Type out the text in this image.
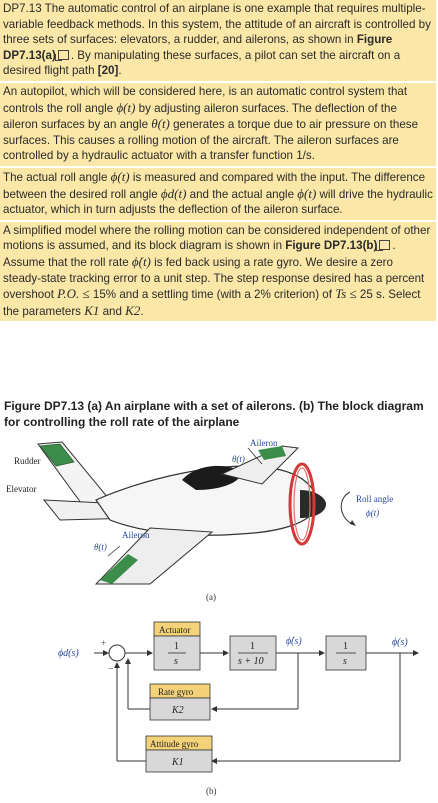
DP7.13 The automatic control of an airplane is one example that requires multiple-variable feedback methods. In this system, the attitude of an aircraft is controlled by three sets of surfaces: elevators, a rudder, and ailerons, as shown in Figure DP7.13(a) . By manipulating these surfaces, a pilot can set the aircraft on a desired flight path [20].

An autopilot, which will be considered here, is an automatic control system that controls the roll angle ϕ(t) by adjusting aileron surfaces. The deflection of the aileron surfaces by an angle θ(t) generates a torque due to air pressure on these surfaces. This causes a rolling motion of the aircraft. The aileron surfaces are controlled by a hydraulic actuator with a transfer function 1/s.

The actual roll angle ϕ(t) is measured and compared with the input. The difference between the desired roll angle ϕd(t) and the actual angle ϕ(t) will drive the hydraulic actuator, which in turn adjusts the deflection of the aileron surface.

A simplified model where the rolling motion can be considered independent of other motions is assumed, and its block diagram is shown in Figure DP7.13(b) . Assume that the roll rate ϕ̇(t) is fed back using a rate gyro. We desire a zero steady-state tracking error to a unit step. The step response desired has a percent overshoot P.O. ≤ 15% and a settling time (with a 2% criterion) of Ts ≤ 25 s. Select the parameters K1 and K2.

Figure DP7.13 (a) An airplane with a set of ailerons. (b) The block diagram for controlling the roll rate of the airplane
Aileron
θ(t)
Rudder
Elevator
Roll angle
ϕ(t)
Aileron
θ(t)
(a)
ϕd(s)
+
−
Actuator
1
s
1
s + 10
ϕ̇(s)	1
s
ϕ(s)
Rate gyro
K2
Attitude gyro
K1
(b)
